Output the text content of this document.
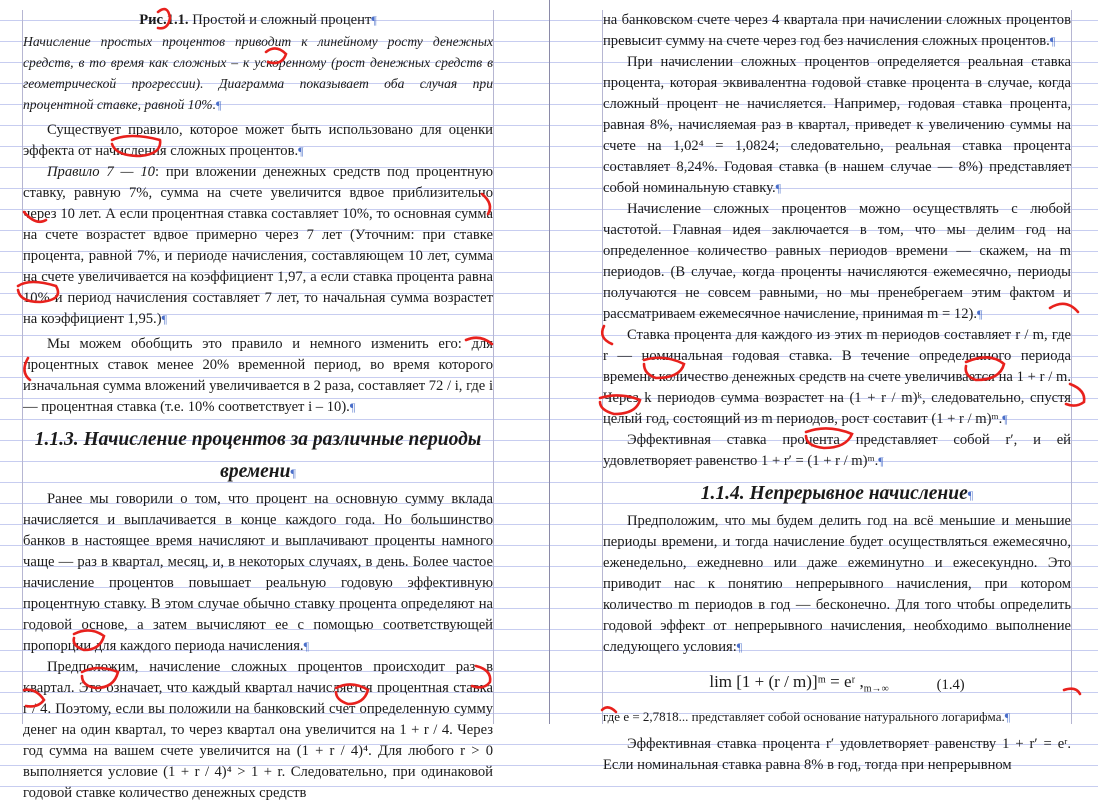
Рис.1.1. Простой и сложный процент¶

Начисление простых процентов приводит к линейному росту денежных средств, в то время как сложных – к ускоренному (рост денежных средств в геометрической прогрессии). Диаграмма показывает оба случая при процентной ставке, равной 10%.¶

Существует правило, которое может быть использовано для оценки эффекта от начисления сложных процентов.¶

Правило 7 — 10: при вложении денежных средств под процентную ставку, равную 7%, сумма на счете увеличится вдвое приблизительно через 10 лет. А если процентная ставка составляет 10%, то основная сумма на счете возрастет вдвое примерно через 7 лет (Уточним: при ставке процента, равной 7%, и периоде начисления, составляющем 10 лет, сумма на счете увеличивается на коэффициент 1,97, а если ставка процента равна 10% и период начисления составляет 7 лет, то начальная сумма возрастет на коэффициент 1,95.)¶

Мы можем обобщить это правило и немного изменить его: для процентных ставок менее 20% временной период, во время которого изначальная сумма вложений увеличивается в 2 раза, составляет 72 / i, где i — процентная ставка (т.е. 10% соответствует i – 10).¶

1.1.3. Начисление процентов за различные периоды времени¶

Ранее мы говорили о том, что процент на основную сумму вклада начисляется и выплачивается в конце каждого года. Но большинство банков в настоящее время начисляют и выплачивают проценты намного чаще — раз в квартал, месяц, и, в некоторых случаях, в день. Более частое начисление процентов повышает реальную годовую эффективную процентную ставку. В этом случае обычно ставку процента определяют на годовой основе, а затем вычисляют ее с помощью соответствующей пропорции для каждого периода начисления.¶

Предположим, начисление сложных процентов происходит раз в квартал. Это означает, что каждый квартал начисляется процентная ставка r / 4. Поэтому, если вы положили на банковский счет определенную сумму денег на один квартал, то через квартал она увеличится на 1 + r / 4. Через год сумма на вашем счете увеличится на (1 + r / 4)⁴. Для любого r > 0 выполняется условие (1 + r / 4)⁴ > 1 + r. Следовательно, при одинаковой годовой ставке количество денежных средств

на банковском счете через 4 квартала при начислении сложных процентов превысит сумму на счете через год без начисления сложных процентов.¶

При начислении сложных процентов определяется реальная ставка процента, которая эквивалентна годовой ставке процента в случае, когда сложный процент не начисляется. Например, годовая ставка процента, равная 8%, начисляемая раз в квартал, приведет к увеличению суммы на счете на 1,02⁴ = 1,0824; следовательно, реальная ставка процента составляет 8,24%. Годовая ставка (в нашем случае — 8%) представляет собой номинальную ставку.¶

Начисление сложных процентов можно осуществлять с любой частотой. Главная идея заключается в том, что мы делим год на определенное количество равных периодов времени — скажем, на m периодов. (В случае, когда проценты начисляются ежемесячно, периоды получаются не совсем равными, но мы пренебрегаем этим фактом и рассматриваем ежемесячное начисление, принимая m = 12).¶

Ставка процента для каждого из этих m периодов составляет r / m, где r — номинальная годовая ставка. В течение определенного периода времени количество денежных средств на счете увеличивается на 1 + r / m. Через k периодов сумма возрастет на (1 + r / m)ᵏ, следовательно, спустя целый год, состоящий из m периодов, рост составит (1 + r / m)ᵐ.¶

Эффективная ставка процента представляет собой r′, и ей удовлетворяет равенство 1 + r′ = (1 + r / m)ᵐ.¶

1.1.4. Непрерывное начисление¶

Предположим, что мы будем делить год на всё меньшие и меньшие периоды времени, и тогда начисление будет осуществляться ежемесячно, еженедельно, ежедневно или даже ежеминутно и ежесекундно. Это приводит нас к понятию непрерывного начисления, при котором количество m периодов в год — бесконечно. Для того чтобы определить годовой эффект от непрерывного начисления, необходимо выполнение следующего условия:¶

lim [1 + (r / m)]ᵐ = eʳ $,_{m\to\infty}$	(1.4)

где e = 2,7818... представляет собой основание натурального логарифма.¶

Эффективная ставка процента r′ удовлетворяет равенству 1 + r′ = eʳ. Если номинальная ставка равна 8% в год, тогда при непрерывном
